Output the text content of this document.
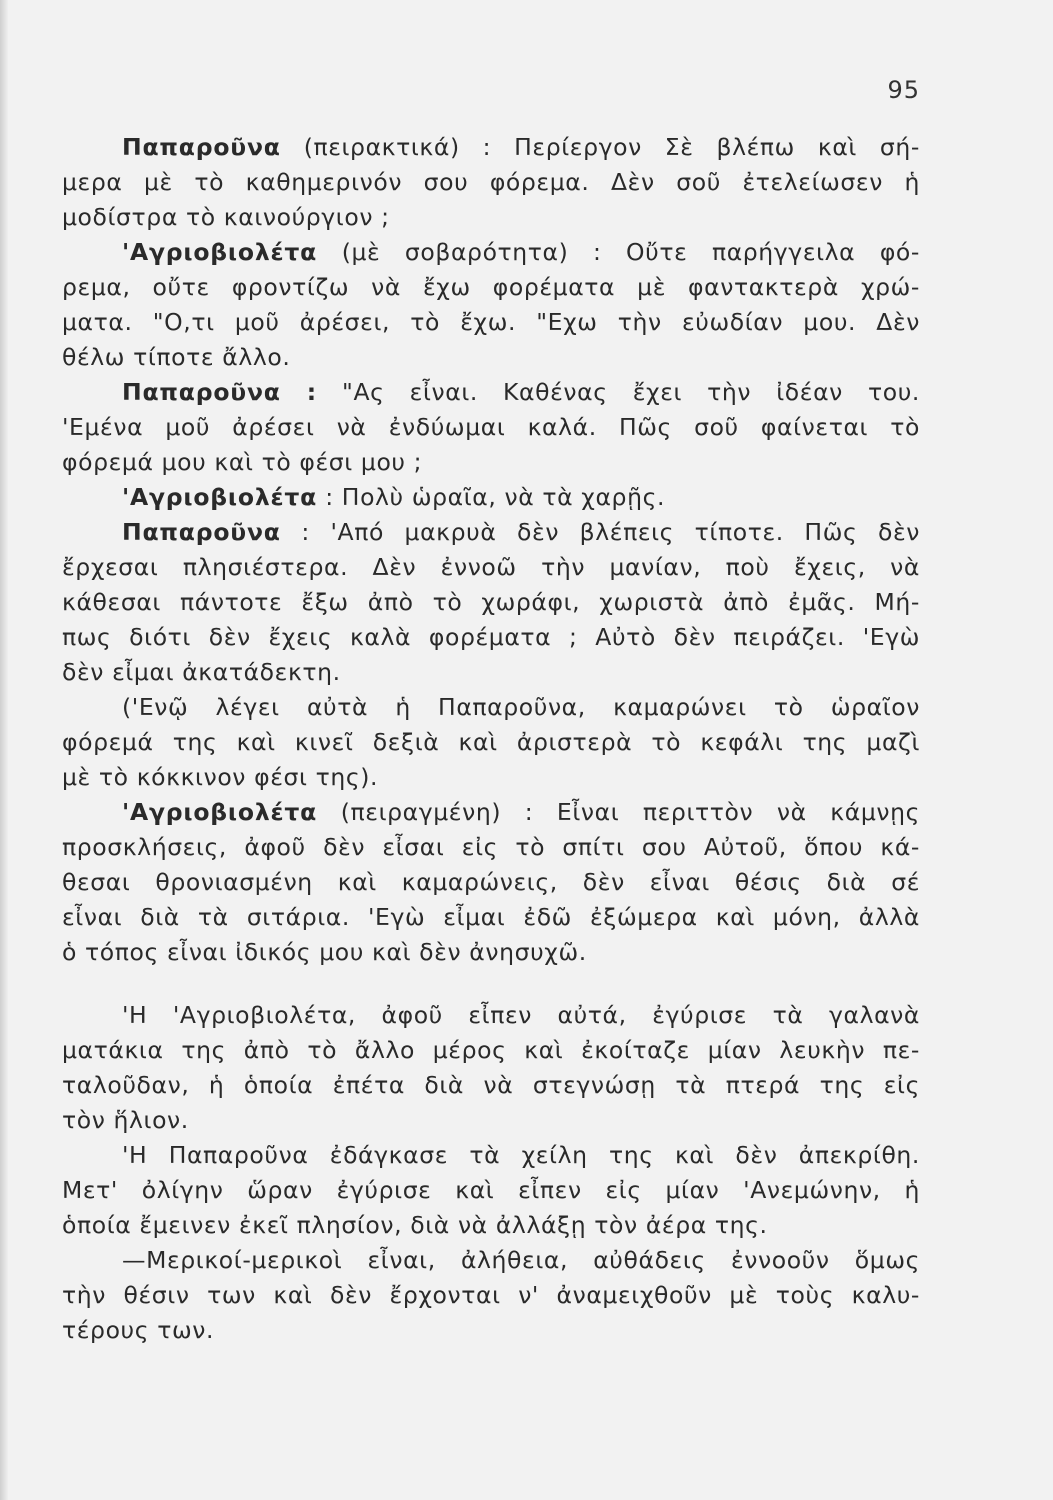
95
Παπαροῦνα (πειρακτικά) : Περίεργον Σὲ βλέπω καὶ σή-
μερα μὲ τὸ καθημερινόν σου φόρεμα. Δὲν σοῦ ἐτελείωσεν ἡ
μοδίστρα τὸ καινούργιον ;
'Αγριοβιολέτα (μὲ σοβαρότητα) : Οὔτε παρήγγειλα φό-
ρεμα, οὔτε φροντίζω νὰ ἔχω φορέματα μὲ φαντακτερὰ χρώ-
ματα. "Ο,τι μοῦ ἀρέσει, τὸ ἔχω. "Εχω τὴν εὐωδίαν μου. Δὲν
θέλω τίποτε ἄλλο.
Παπαροῦνα : "Ας εἶναι. Καθένας ἔχει τὴν ἰδέαν του.
'Εμένα μοῦ ἀρέσει νὰ ἐνδύωμαι καλά. Πῶς σοῦ φαίνεται τὸ
φόρεμά μου καὶ τὸ φέσι μου ;
'Αγριοβιολέτα : Πολὺ ὡραῖα, νὰ τὰ χαρῇς.
Παπαροῦνα : 'Από μακρυὰ δὲν βλέπεις τίποτε. Πῶς δὲν
ἔρχεσαι πλησιέστερα. Δὲν ἐννοῶ τὴν μανίαν, ποὺ ἔχεις, νὰ
κάθεσαι πάντοτε ἔξω ἀπὸ τὸ χωράφι, χωριστὰ ἀπὸ ἐμᾶς. Μή-
πως διότι δὲν ἔχεις καλὰ φορέματα ; Αὐτὸ δὲν πειράζει. 'Εγὼ
δὲν εἶμαι ἀκατάδεκτη.
('Ενῷ λέγει αὐτὰ ἡ Παπαροῦνα, καμαρώνει τὸ ὡραῖον
φόρεμά της καὶ κινεῖ δεξιὰ καὶ ἀριστερὰ τὸ κεφάλι της μαζὶ
μὲ τὸ κόκκινον φέσι της).
'Αγριοβιολέτα (πειραγμένη) : Εἶναι περιττὸν νὰ κάμνῃς
προσκλήσεις, ἀφοῦ δὲν εἶσαι εἰς τὸ σπίτι σου Αὐτοῦ, ὅπου κά-
θεσαι θρονιασμένη καὶ καμαρώνεις, δὲν εἶναι θέσις διὰ σέ
εἶναι διὰ τὰ σιτάρια. 'Εγὼ εἶμαι ἐδῶ ἐξώμερα καὶ μόνη, ἀλλὰ
ὁ τόπος εἶναι ἰδικός μου καὶ δὲν ἀνησυχῶ.
'Η 'Αγριοβιολέτα, ἀφοῦ εἶπεν αὐτά, ἐγύρισε τὰ γαλανὰ
ματάκια της ἀπὸ τὸ ἄλλο μέρος καὶ ἐκοίταζε μίαν λευκὴν πε-
ταλοῦδαν, ἡ ὁποία ἐπέτα διὰ νὰ στεγνώσῃ τὰ πτερά της εἰς
τὸν ἥλιον.
'Η Παπαροῦνα ἐδάγκασε τὰ χείλη της καὶ δὲν ἀπεκρίθη.
Μετ' ὀλίγην ὥραν ἐγύρισε καὶ εἶπεν εἰς μίαν 'Ανεμώνην, ἡ
ὁποία ἔμεινεν ἐκεῖ πλησίον, διὰ νὰ ἀλλάξῃ τὸν ἀέρα της.
—Μερικοί-μερικοὶ εἶναι, ἀλήθεια, αὐθάδεις ἐννοοῦν ὅμως
τὴν θέσιν των καὶ δὲν ἔρχονται ν' ἀναμειχθοῦν μὲ τοὺς καλυ-
τέρους των.
